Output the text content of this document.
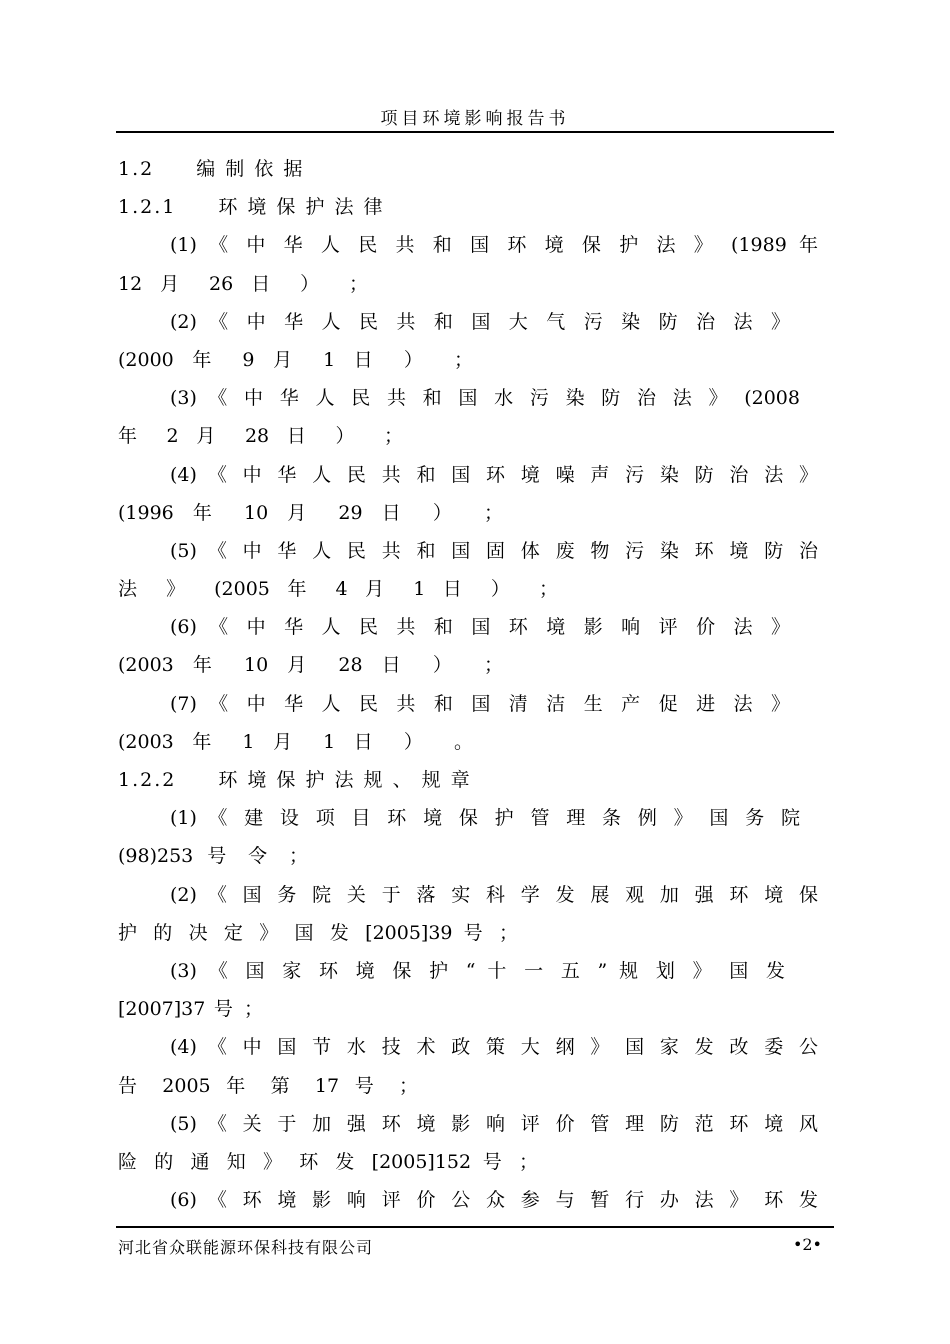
项目环境影响报告书
1.2　　编 制 依 据
1.2.1　　环 境 保 护 法 律
(1) 《 中 华 人 民 共 和 国 环 境 保 护 法 》 (1989 年
12 月 26 日 ） ；
(2) 《 中 华 人 民 共 和 国 大 气 污 染 防 治 法 》
(2000 年 9 月 1 日 ） ；
(3) 《 中 华 人 民 共 和 国 水 污 染 防 治 法 》 (2008
年 2 月 28 日 ） ；
(4) 《 中 华 人 民 共 和 国 环 境 噪 声 污 染 防 治 法 》
(1996 年 10 月 29 日 ） ；
(5) 《 中 华 人 民 共 和 国 固 体 废 物 污 染 环 境 防 治
法 》 (2005 年 4 月 1 日 ） ；
(6) 《 中 华 人 民 共 和 国 环 境 影 响 评 价 法 》
(2003 年 10 月 28 日 ） ；
(7) 《 中 华 人 民 共 和 国 清 洁 生 产 促 进 法 》
(2003 年 1 月 1 日 ） 。
1.2.2　　环 境 保 护 法 规 、 规 章
(1) 《 建 设 项 目 环 境 保 护 管 理 条 例 》 国 务 院
(98)253 号 令 ；
(2) 《 国 务 院 关 于 落 实 科 学 发 展 观 加 强 环 境 保
护 的 决 定 》 国 发 [2005]39 号 ；
(3) 《 国 家 环 境 保 护 “ 十 一 五 ” 规 划 》 国 发
[2007]37 号 ；
(4) 《 中 国 节 水 技 术 政 策 大 纲 》 国 家 发 改 委 公
告 2005 年 第 17 号 ；
(5) 《 关 于 加 强 环 境 影 响 评 价 管 理 防 范 环 境 风
险 的 通 知 》 环 发 [2005]152 号 ；
(6) 《 环 境 影 响 评 价 公 众 参 与 暂 行 办 法 》 环 发
河北省众联能源环保科技有限公司	•2•
